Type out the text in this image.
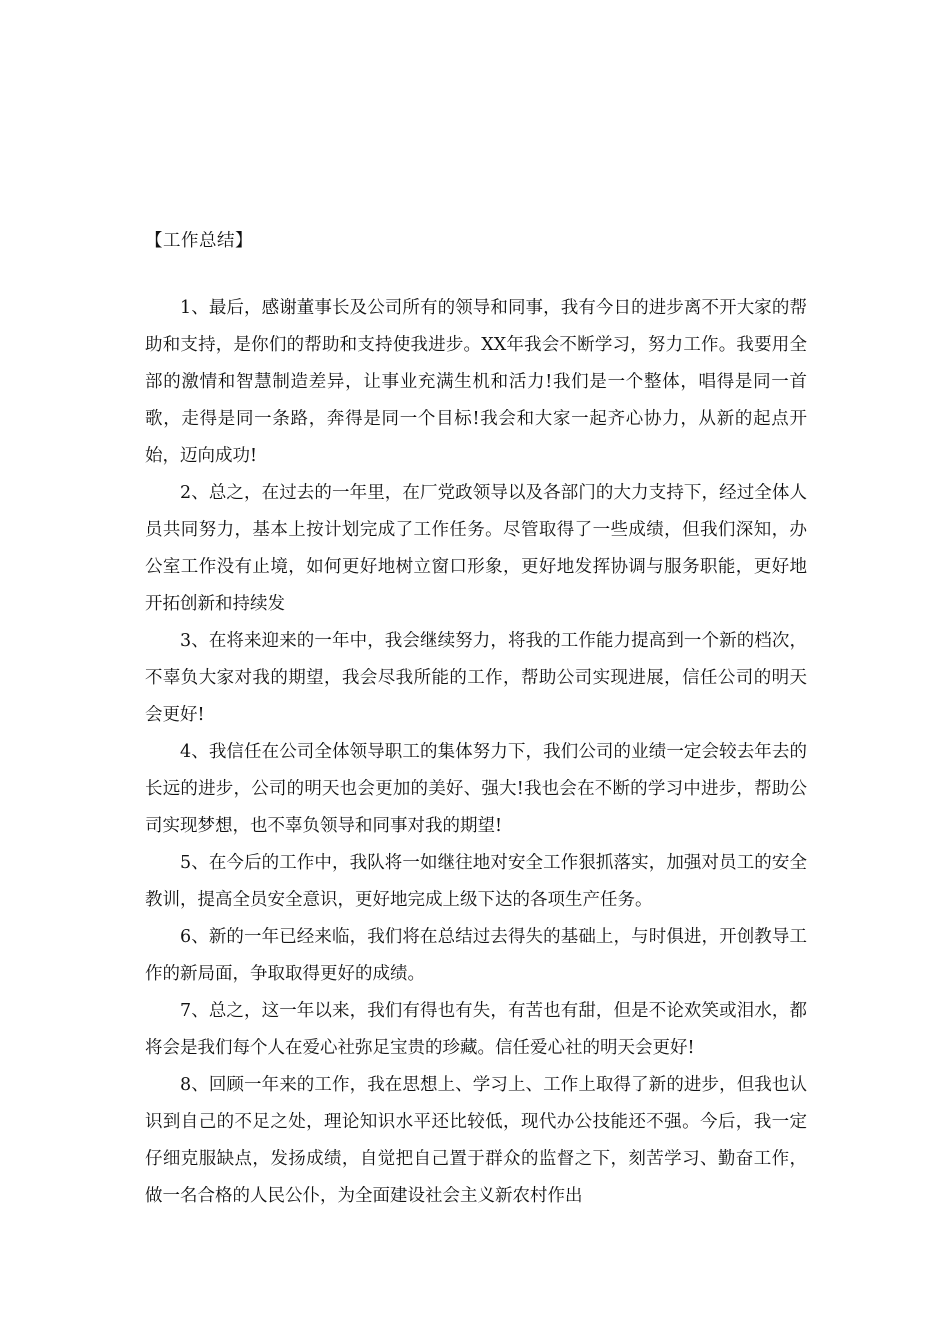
【工作总结】

1、最后，感谢董事长及公司所有的领导和同事，我有今日的进步离不开大家的帮助和支持，是你们的帮助和支持使我进步。XX年我会不断学习，努力工作。我要用全部的激情和智慧制造差异，让事业充满生机和活力!我们是一个整体，唱得是同一首歌，走得是同一条路，奔得是同一个目标!我会和大家一起齐心协力，从新的起点开始，迈向成功!

2、总之，在过去的一年里，在厂党政领导以及各部门的大力支持下，经过全体人员共同努力，基本上按计划完成了工作任务。尽管取得了一些成绩，但我们深知，办公室工作没有止境，如何更好地树立窗口形象，更好地发挥协调与服务职能，更好地开拓创新和持续发

3、在将来迎来的一年中，我会继续努力，将我的工作能力提高到一个新的档次，不辜负大家对我的期望，我会尽我所能的工作，帮助公司实现进展，信任公司的明天会更好!

4、我信任在公司全体领导职工的集体努力下，我们公司的业绩一定会较去年去的长远的进步，公司的明天也会更加的美好、强大!我也会在不断的学习中进步，帮助公司实现梦想，也不辜负领导和同事对我的期望!

5、在今后的工作中，我队将一如继往地对安全工作狠抓落实，加强对员工的安全教训，提高全员安全意识，更好地完成上级下达的各项生产任务。

6、新的一年已经来临，我们将在总结过去得失的基础上，与时俱进，开创教导工作的新局面，争取取得更好的成绩。

7、总之，这一年以来，我们有得也有失，有苦也有甜，但是不论欢笑或泪水，都将会是我们每个人在爱心社弥足宝贵的珍藏。信任爱心社的明天会更好!

8、回顾一年来的工作，我在思想上、学习上、工作上取得了新的进步，但我也认识到自己的不足之处，理论知识水平还比较低，现代办公技能还不强。今后，我一定仔细克服缺点，发扬成绩，自觉把自己置于群众的监督之下，刻苦学习、勤奋工作，做一名合格的人民公仆，为全面建设社会主义新农村作出
